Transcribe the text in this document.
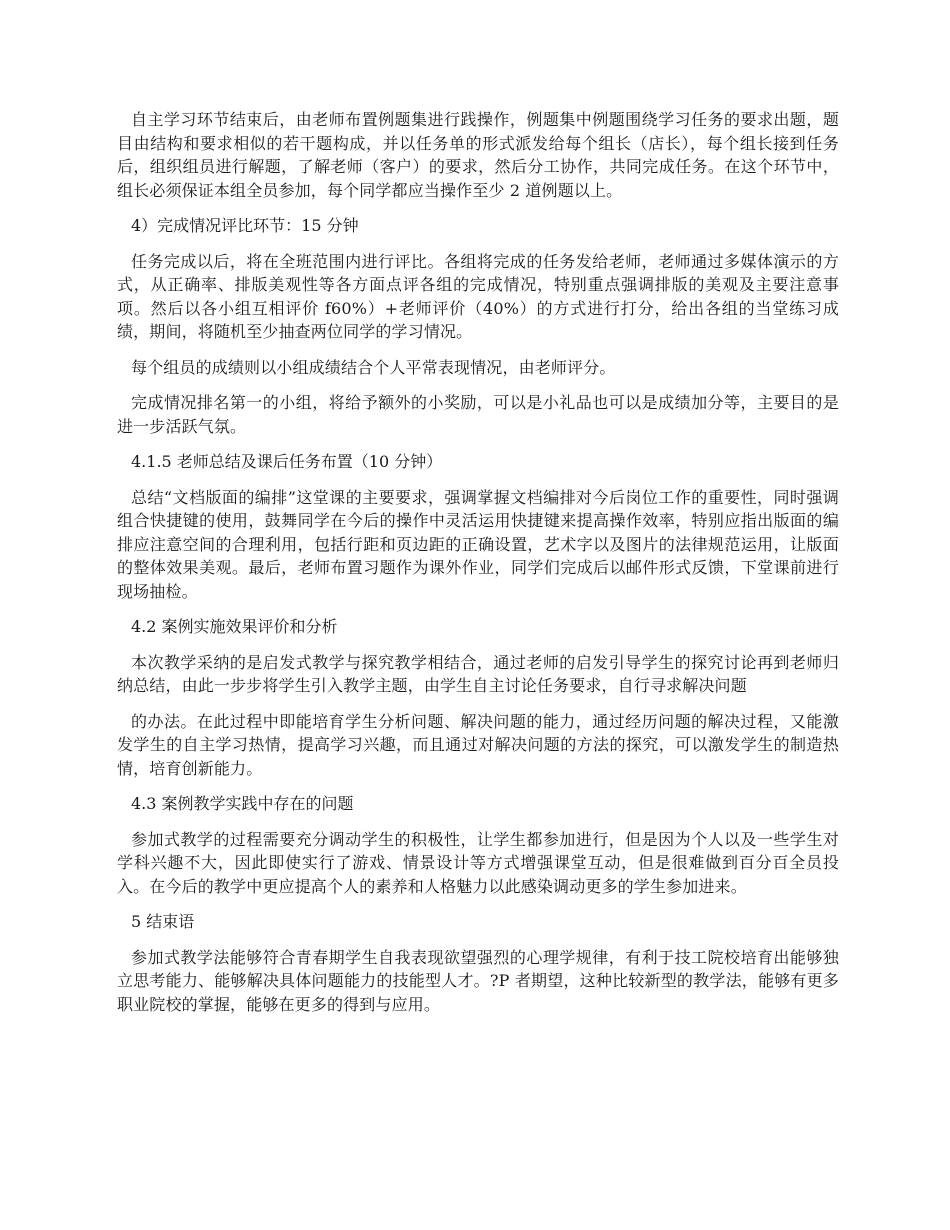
自主学习环节结束后，由老师布置例题集进行践操作，例题集中例题围绕学习任务的要求出题，题目由结构和要求相似的若干题构成，并以任务单的形式派发给每个组长（店长），每个组长接到任务后，组织组员进行解题，了解老师（客户）的要求，然后分工协作，共同完成任务。在这个环节中，组长必须保证本组全员参加，每个同学都应当操作至少 2 道例题以上。

4）完成情况评比环节：15 分钟

任务完成以后，将在全班范围内进行评比。各组将完成的任务发给老师，老师通过多媒体演示的方式，从正确率、排版美观性等各方面点评各组的完成情况，特别重点强调排版的美观及主要注意事项。然后以各小组互相评价 f60%）+老师评价（40%）的方式进行打分，给出各组的当堂练习成绩，期间，将随机至少抽查两位同学的学习情况。

每个组员的成绩则以小组成绩结合个人平常表现情况，由老师评分。

完成情况排名第一的小组，将给予额外的小奖励，可以是小礼品也可以是成绩加分等，主要目的是进一步活跃气氛。

4.1.5 老师总结及课后任务布置（10 分钟）

总结“文档版面的编排”这堂课的主要要求，强调掌握文档编排对今后岗位工作的重要性，同时强调组合快捷键的使用，鼓舞同学在今后的操作中灵活运用快捷键来提高操作效率，特别应指出版面的编排应注意空间的合理利用，包括行距和页边距的正确设置，艺术字以及图片的法律规范运用，让版面的整体效果美观。最后，老师布置习题作为课外作业，同学们完成后以邮件形式反馈，下堂课前进行现场抽检。

4.2 案例实施效果评价和分析

本次教学采纳的是启发式教学与探究教学相结合，通过老师的启发引导学生的探究讨论再到老师归纳总结，由此一步步将学生引入教学主题，由学生自主讨论任务要求，自行寻求解决问题

的办法。在此过程中即能培育学生分析问题、解决问题的能力，通过经历问题的解决过程，又能激发学生的自主学习热情，提高学习兴趣，而且通过对解决问题的方法的探究，可以激发学生的制造热情，培育创新能力。

4.3 案例教学实践中存在的问题

参加式教学的过程需要充分调动学生的积极性，让学生都参加进行，但是因为个人以及一些学生对学科兴趣不大，因此即使实行了游戏、情景设计等方式增强课堂互动，但是很难做到百分百全员投入。在今后的教学中更应提高个人的素养和人格魅力以此感染调动更多的学生参加进来。

5 结束语

参加式教学法能够符合青春期学生自我表现欲望强烈的心理学规律，有利于技工院校培育出能够独立思考能力、能够解决具体问题能力的技能型人才。?P 者期望，这种比较新型的教学法，能够有更多职业院校的掌握，能够在更多的得到与应用。
